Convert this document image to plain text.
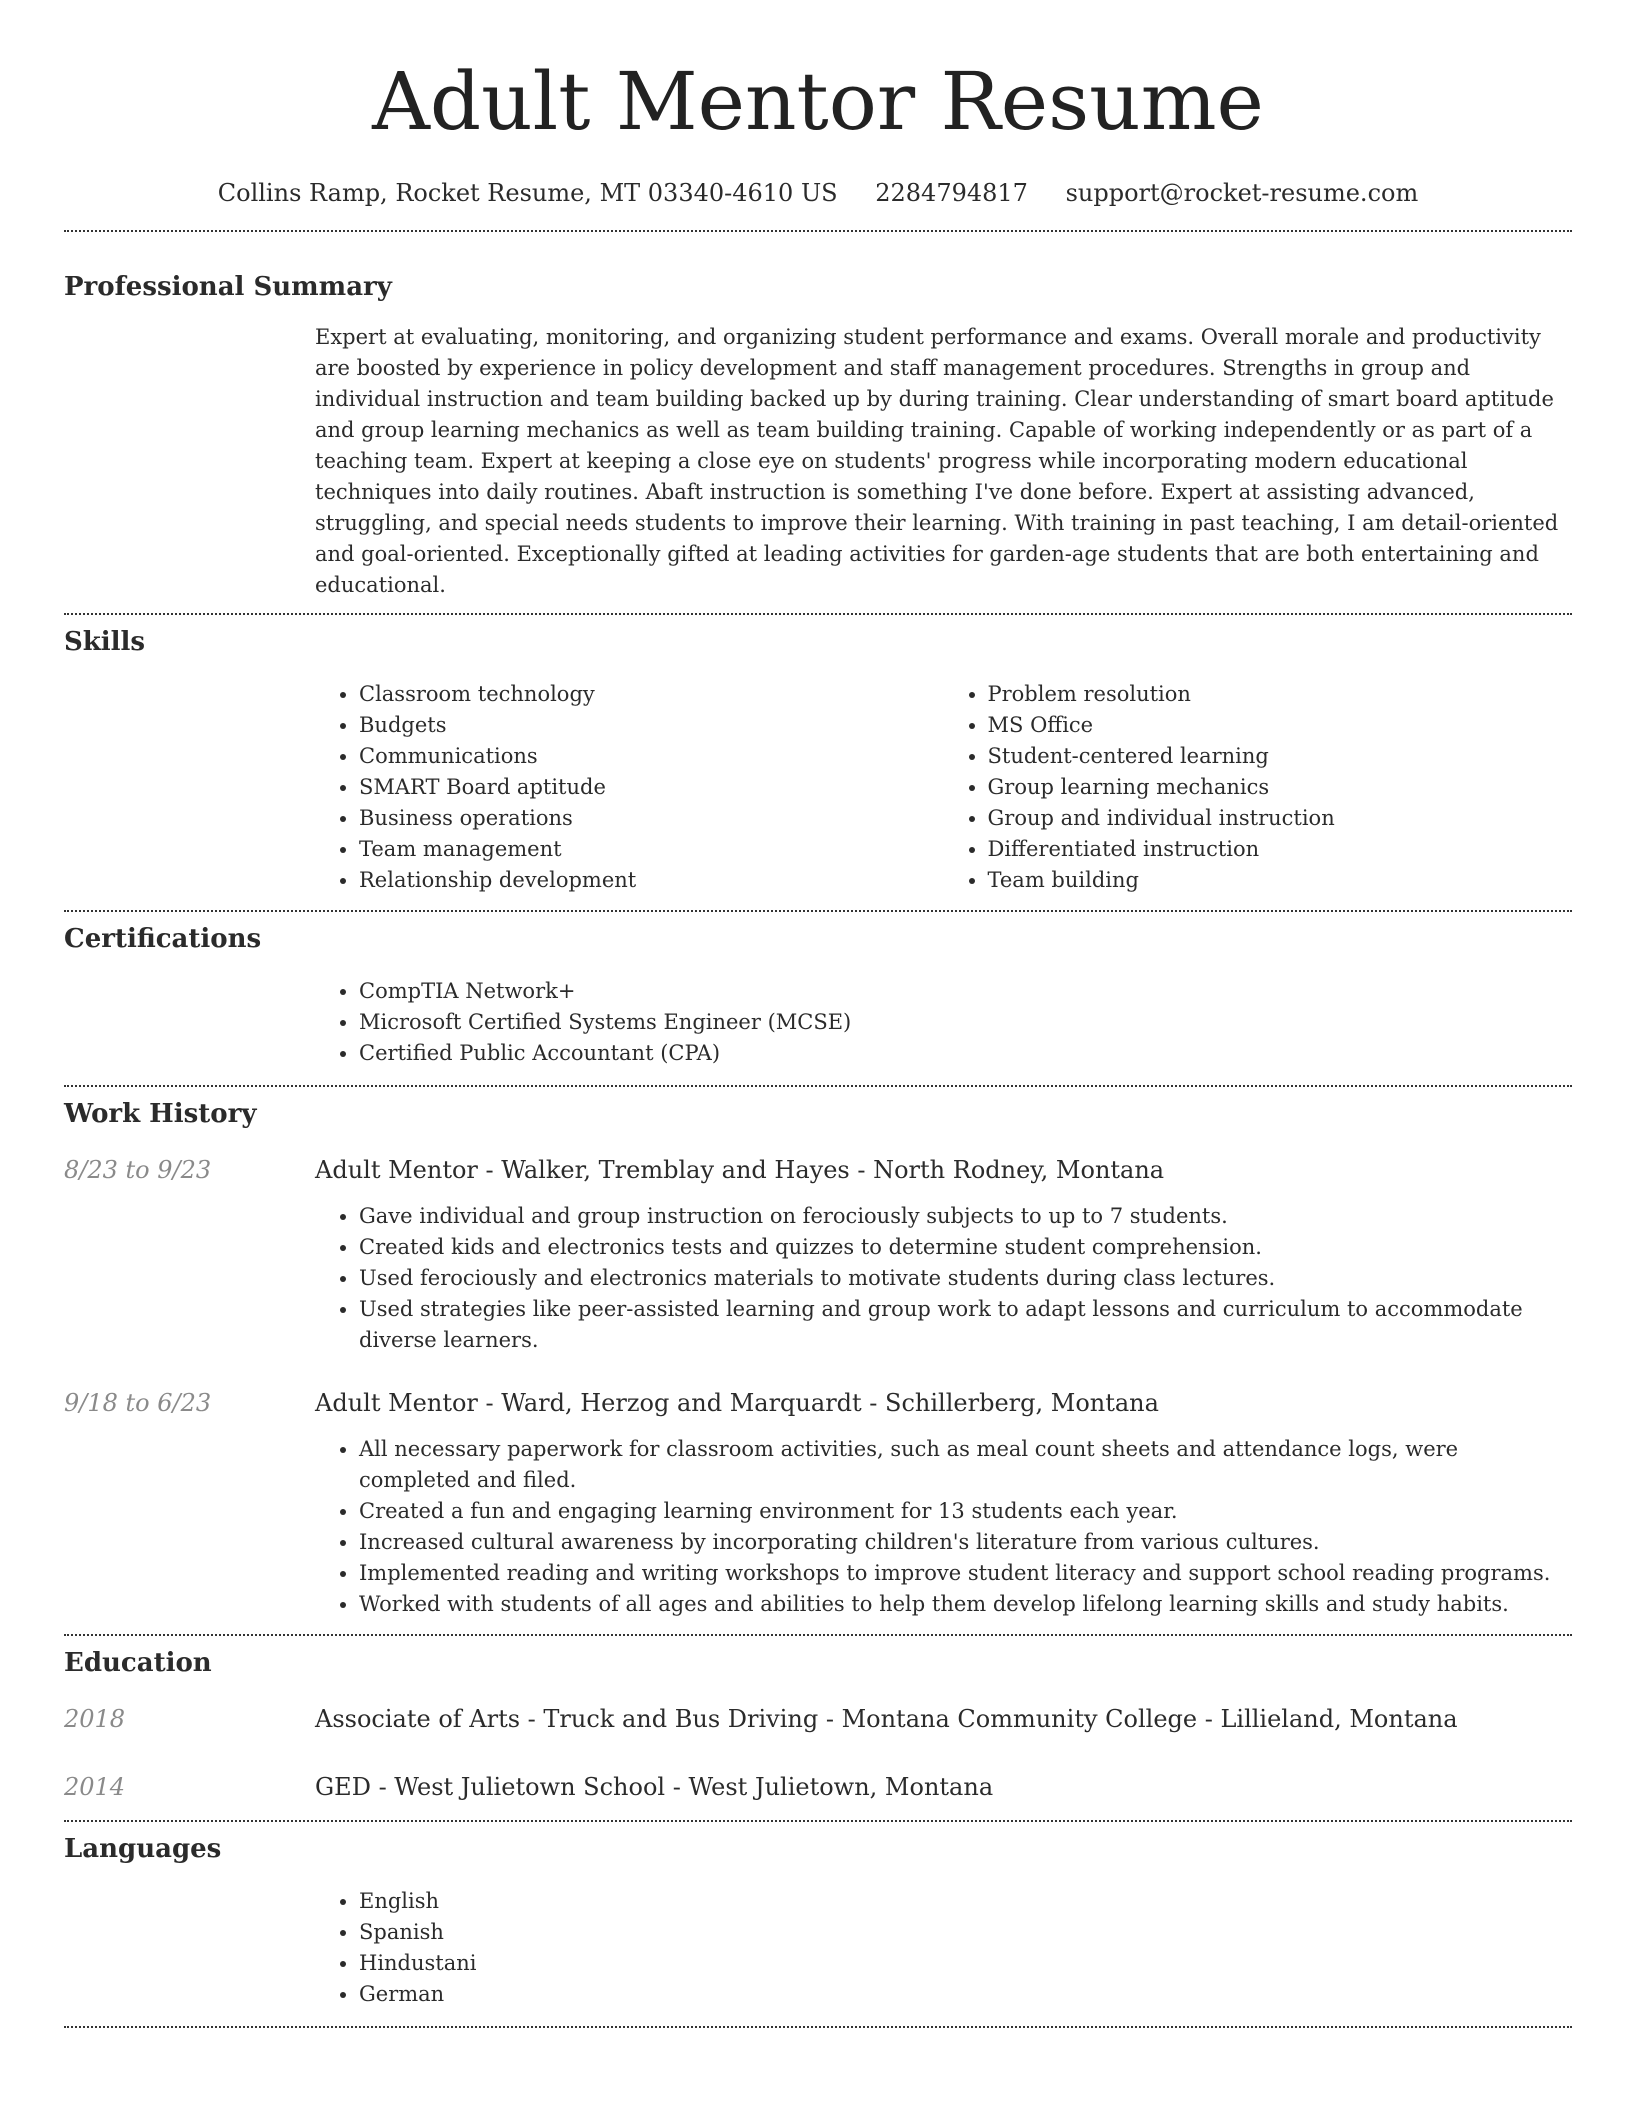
Adult Mentor Resume
Collins Ramp, Rocket Resume, MT 03340-4610 US 2284794817 support@rocket-resume.com
Professional Summary

Expert at evaluating, monitoring, and organizing student performance and exams. Overall morale and productivity are boosted by experience in policy development and staff management procedures. Strengths in group and individual instruction and team building backed up by during training. Clear understanding of smart board aptitude and group learning mechanics as well as team building training. Capable of working independently or as part of a teaching team. Expert at keeping a close eye on students' progress while incorporating modern educational techniques into daily routines. Abaft instruction is something I've done before. Expert at assisting advanced, struggling, and special needs students to improve their learning. With training in past teaching, I am detail-oriented and goal-oriented. Exceptionally gifted at leading activities for garden-age students that are both entertaining and educational.

Skills
• Classroom technology
• Budgets
• Communications
• SMART Board aptitude
• Business operations
• Team management
• Relationship development
• Problem resolution
• MS Office
• Student-centered learning
• Group learning mechanics
• Group and individual instruction
• Differentiated instruction
• Team building
Certifications
• CompTIA Network+
• Microsoft Certified Systems Engineer (MCSE)
• Certified Public Accountant (CPA)
Work History
8/23 to 9/23	Adult Mentor - Walker, Tremblay and Hayes - North Rodney, Montana
• Gave individual and group instruction on ferociously subjects to up to 7 students.
• Created kids and electronics tests and quizzes to determine student comprehension.
• Used ferociously and electronics materials to motivate students during class lectures.
• Used strategies like peer-assisted learning and group work to adapt lessons and curriculum to accommodate diverse learners.
9/18 to 6/23	Adult Mentor - Ward, Herzog and Marquardt - Schillerberg, Montana
• All necessary paperwork for classroom activities, such as meal count sheets and attendance logs, were completed and filed.
• Created a fun and engaging learning environment for 13 students each year.
• Increased cultural awareness by incorporating children's literature from various cultures.
• Implemented reading and writing workshops to improve student literacy and support school reading programs.
• Worked with students of all ages and abilities to help them develop lifelong learning skills and study habits.
Education
2018	Associate of Arts - Truck and Bus Driving - Montana Community College - Lillieland, Montana
2014	GED - West Julietown School - West Julietown, Montana
Languages
• English
• Spanish
• Hindustani
• German
